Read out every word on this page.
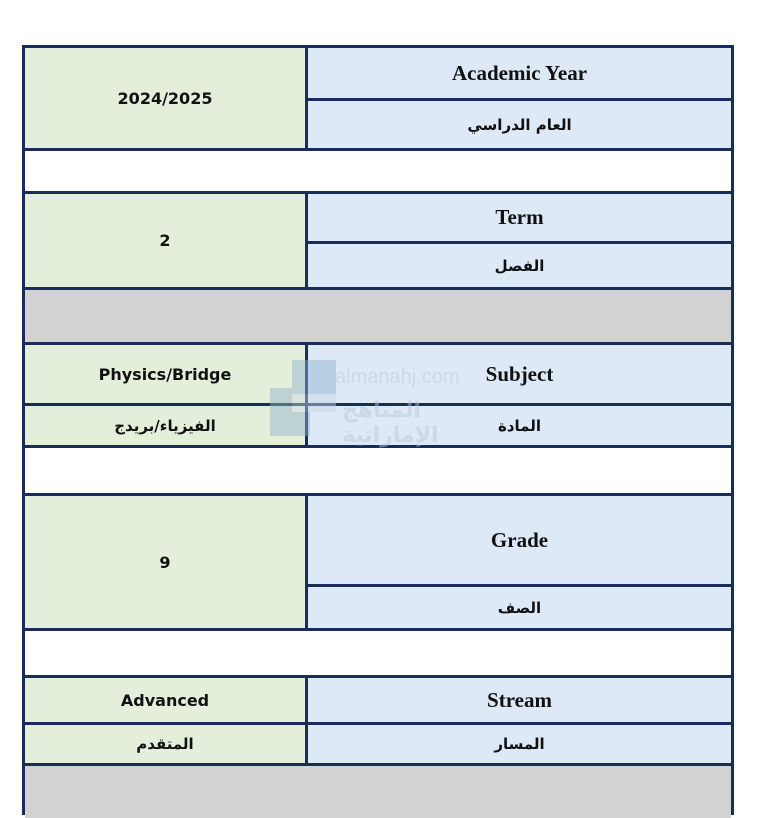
2024/2025
Academic Year
العام الدراسي
2
Term
الفصل
Physics/Bridge
الفيزياء/بريدج
Subject
المادة
9
Grade
الصف
Advanced
المتقدم
Stream
المسار
almanahj.com
المناهج الإماراتية
